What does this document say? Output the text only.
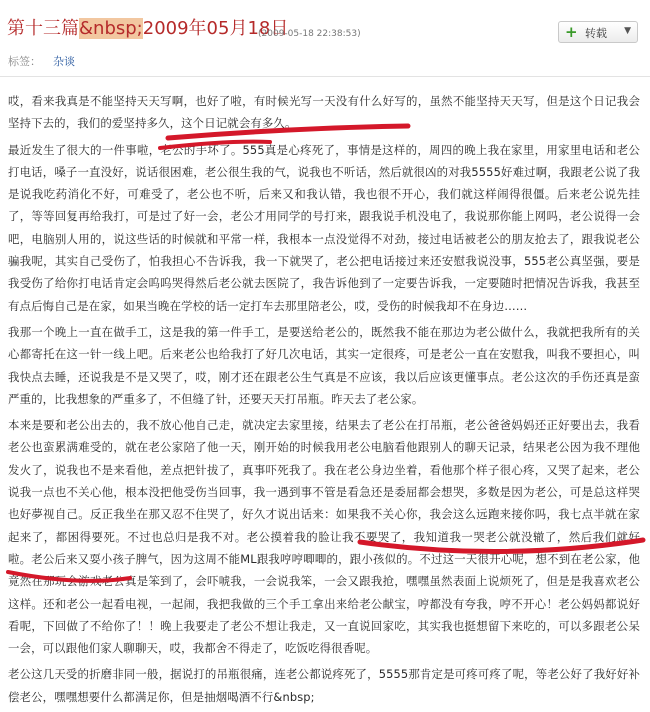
第十三篇&nbsp;2009年05月18日
(2009-05-18 22:38:53)	+ 转载 ▼
标签： 杂谈

哎，看来我真是不能坚持天天写啊，也好了啦，有时候光写一天没有什么好写的，虽然不能坚持天天写，但是这个日记我会坚持下去的，我们的爱坚持多久，这个日记就会有多久。

最近发生了很大的一件事啦，老公的手坏了。555真是心疼死了，事情是这样的，周四的晚上我在家里，用家里电话和老公打电话，嗓子一直没好，说话很困难，老公很生我的气，说我也不听话，然后就很凶的对我5555好难过啊，我跟老公说了我是说我吃药消化不好，可难受了，老公也不听，后来又和我认错，我也很不开心，我们就这样闹得很僵。后来老公说先挂了，等等回复再给我打，可是过了好一会，老公才用同学的号打来，跟我说手机没电了，我说那你能上网吗，老公说得一会吧，电脑别人用的，说这些话的时候就和平常一样，我根本一点没觉得不对劲，接过电话被老公的朋友抢去了，跟我说老公骗我呢，其实自己受伤了，怕我担心不告诉我，我一下就哭了，老公把电话接过来还安慰我说没事，555老公真坚强，要是我受伤了给你打电话肯定会呜呜哭得然后老公就去医院了，我告诉他到了一定要告诉我，一定要随时把情况告诉我，我甚至有点后悔自己是在家，如果当晚在学校的话一定打车去那里陪老公，哎，受伤的时候我却不在身边……

我那一个晚上一直在做手工，这是我的第一件手工，是要送给老公的，既然我不能在那边为老公做什么，我就把我所有的关心都寄托在这一针一线上吧。后来老公也给我打了好几次电话，其实一定很疼，可是老公一直在安慰我，叫我不要担心，叫我快点去睡，还说我是不是又哭了，哎，刚才还在跟老公生气真是不应该，我以后应该更懂事点。老公这次的手伤还真是蛮严重的，比我想象的严重多了，不但缝了针，还要天天打吊瓶。昨天去了老公家。

本来是要和老公出去的，我不放心他自己走，就决定去家里接，结果去了老公在打吊瓶，老公爸爸妈妈还正好要出去，我看老公也蛮累满难受的，就在老公家陪了他一天，刚开始的时候我用老公电脑看他跟别人的聊天记录，结果老公因为我不理他发火了，说我也不是来看他，差点把针拔了，真事吓死我了。我在老公身边坐着，看他那个样子很心疼，又哭了起来，老公说我一点也不关心他，根本没把他受伤当回事，我一遇到事不管是看急还是委屈都会想哭，多数是因为老公，可是总这样哭也好夢视自己。反正我坐在那又忍不住哭了，好久才说出话来：如果我不关心你，我会这么远跑来接你吗，我七点半就在家起来了，都困得要死。不过也总归是我不对。老公摸着我的脸让我不要哭了，我知道我一哭老公就没辙了，然后我们就好啦。老公后来又耍小孩子脾气，因为这周不能ML跟我哼哼唧唧的，跟小孩似的。不过这一天很开心呢，想不到在老公家，他竟然在那玩会游戏老公真是笨到了，会吓唬我，一会说我笨，一会又跟我抢，嘿嘿虽然表面上说烦死了，但是是我喜欢老公这样。还和老公一起看电视，一起闹，我把我做的三个手工拿出来给老公献宝，哼都没有夸我，哼不开心！老公妈妈都说好看呢，下回做了不给你了！！晚上我要走了老公不想让我走，又一直说回家吃，其实我也挺想留下来吃的，可以多跟老公呆一会，可以跟他们家人聊聊天，哎，我都舍不得走了，吃饭吃得很香呢。

老公这几天受的折磨非同一般，据说打的吊瓶很痛，连老公都说疼死了，5555那肯定是可疼可疼了呢，等老公好了我好好补偿老公，嘿嘿想要什么都满足你，但是抽烟喝酒不行&nbsp;
